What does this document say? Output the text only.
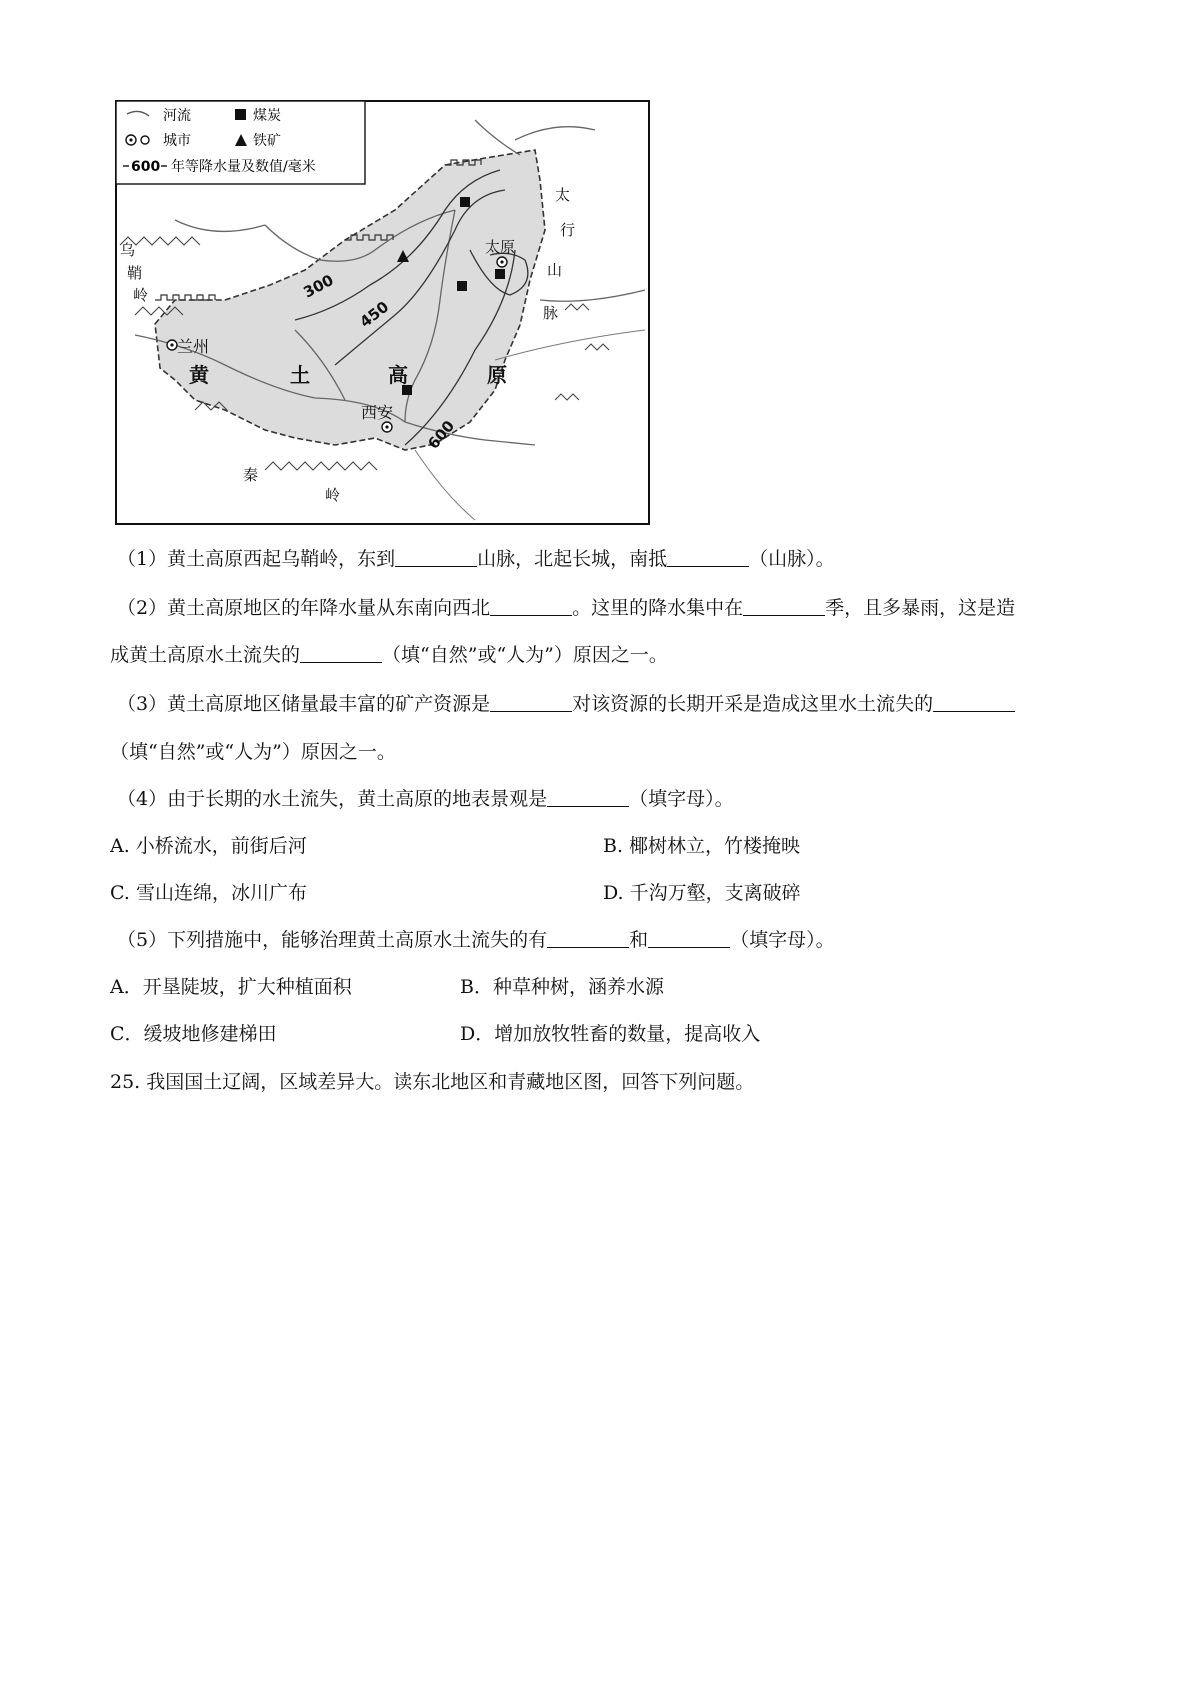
河流	煤炭
城市	铁矿
600 年等降水量及数值/毫米
乌
鞘
岭
太
行
山
脉
太原
兰州
西安
黄	土	高	原
秦
岭
300
450
600
（1）黄土高原西起乌鞘岭，东到	山脉，北起长城，南抵	（山脉）。
（2）黄土高原地区的年降水量从东南向西北	。这里的降水集中在	季，且多暴雨，这是造
成黄土高原水土流失的	（填“自然”或“人为”）原因之一。
（3）黄土高原地区储量最丰富的矿产资源是	对该资源的长期开采是造成这里水土流失的
（填“自然”或“人为”）原因之一。
（4）由于长期的水土流失，黄土高原的地表景观是	（填字母）。
A. 小桥流水，前街后河	B. 椰树林立，竹楼掩映
C. 雪山连绵，冰川广布	D. 千沟万壑，支离破碎
（5）下列措施中，能够治理黄土高原水土流失的有	和	（填字母）。
A．开垦陡坡，扩大种植面积	B．种草种树，涵养水源
C．缓坡地修建梯田	D．增加放牧牲畜的数量，提高收入
25. 我国国土辽阔，区域差异大。读东北地区和青藏地区图，回答下列问题。
